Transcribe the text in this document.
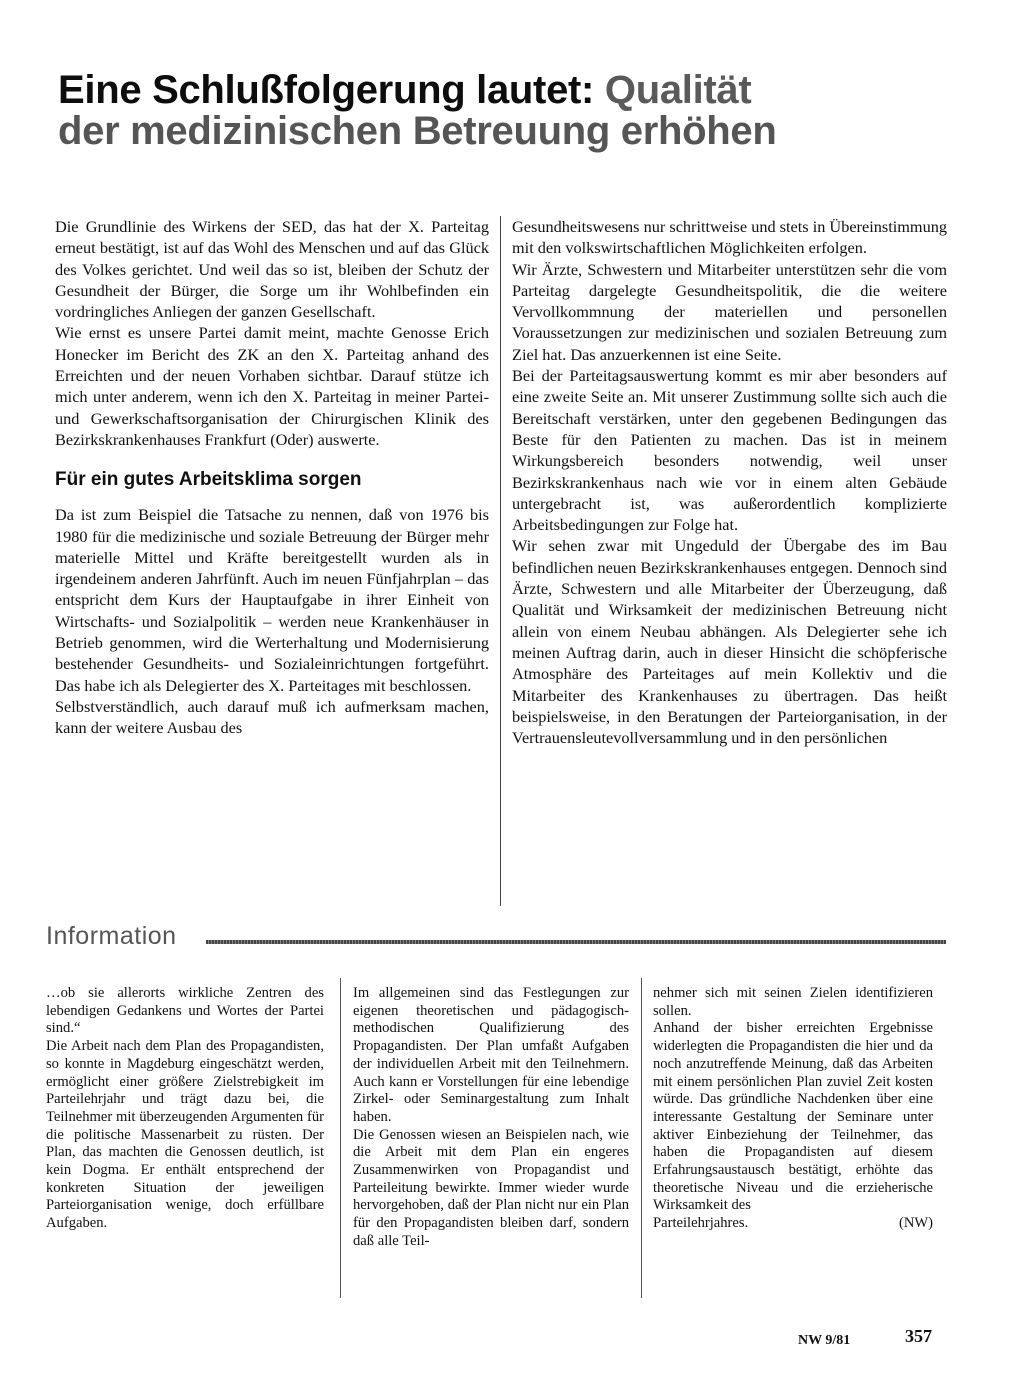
Eine Schlußfolgerung lautet: Qualität
der medizinischen Betreuung erhöhen

Die Grundlinie des Wirkens der SED, das hat der X. Parteitag erneut bestätigt, ist auf das Wohl des Menschen und auf das Glück des Volkes gerichtet. Und weil das so ist, bleiben der Schutz der Gesundheit der Bürger, die Sorge um ihr Wohlbefinden ein vordringliches Anliegen der ganzen Gesellschaft.

Wie ernst es unsere Partei damit meint, machte Genosse Erich Honecker im Bericht des ZK an den X. Parteitag anhand des Erreichten und der neuen Vorhaben sichtbar. Darauf stütze ich mich unter anderem, wenn ich den X. Parteitag in meiner Partei- und Gewerkschaftsorganisation der Chirurgischen Klinik des Bezirkskrankenhauses Frankfurt (Oder) auswerte.

Für ein gutes Arbeitsklima sorgen

Da ist zum Beispiel die Tatsache zu nennen, daß von 1976 bis 1980 für die medizinische und soziale Betreuung der Bürger mehr materielle Mittel und Kräfte bereitgestellt wurden als in irgendeinem anderen Jahrfünft. Auch im neuen Fünfjahrplan – das entspricht dem Kurs der Hauptaufgabe in ihrer Einheit von Wirtschafts- und Sozialpolitik – werden neue Krankenhäuser in Betrieb genommen, wird die Werterhaltung und Modernisierung bestehender Gesundheits- und Sozialeinrichtungen fortgeführt. Das habe ich als Delegierter des X. Parteitages mit beschlossen.

Selbstverständlich, auch darauf muß ich aufmerksam machen, kann der weitere Ausbau des

Gesundheitswesens nur schrittweise und stets in Übereinstimmung mit den volkswirtschaftlichen Möglichkeiten erfolgen.

Wir Ärzte, Schwestern und Mitarbeiter unterstützen sehr die vom Parteitag dargelegte Gesundheitspolitik, die die weitere Vervollkommnung der materiellen und personellen Voraussetzungen zur medizinischen und sozialen Betreuung zum Ziel hat. Das anzuerkennen ist eine Seite.

Bei der Parteitagsauswertung kommt es mir aber besonders auf eine zweite Seite an. Mit unserer Zustimmung sollte sich auch die Bereitschaft verstärken, unter den gegebenen Bedingungen das Beste für den Patienten zu machen. Das ist in meinem Wirkungsbereich besonders notwendig, weil unser Bezirkskrankenhaus nach wie vor in einem alten Gebäude untergebracht ist, was außerordentlich komplizierte Arbeitsbedingungen zur Folge hat.

Wir sehen zwar mit Ungeduld der Übergabe des im Bau befindlichen neuen Bezirkskrankenhauses entgegen. Dennoch sind Ärzte, Schwestern und alle Mitarbeiter der Überzeugung, daß Qualität und Wirksamkeit der medizinischen Betreuung nicht allein von einem Neubau abhängen. Als Delegierter sehe ich meinen Auftrag darin, auch in dieser Hinsicht die schöpferische Atmosphäre des Parteitages auf mein Kollektiv und die Mitarbeiter des Krankenhauses zu übertragen. Das heißt beispielsweise, in den Beratungen der Parteiorganisation, in der Vertrauensleutevollversammlung und in den persönlichen

Information

…ob sie allerorts wirkliche Zentren des lebendigen Gedankens und Wortes der Partei sind.“

Die Arbeit nach dem Plan des Propagandisten, so konnte in Magdeburg eingeschätzt werden, ermöglicht einer größere Zielstrebigkeit im Parteilehrjahr und trägt dazu bei, die Teilnehmer mit überzeugenden Argumenten für die politische Massenarbeit zu rüsten. Der Plan, das machten die Genossen deutlich, ist kein Dogma. Er enthält entsprechend der konkreten Situation der jeweiligen Parteiorganisation wenige, doch erfüllbare Aufgaben.

Im allgemeinen sind das Festlegungen zur eigenen theoretischen und pädagogisch-methodischen Qualifizierung des Propagandisten. Der Plan umfaßt Aufgaben der individuellen Arbeit mit den Teilnehmern. Auch kann er Vorstellungen für eine lebendige Zirkel- oder Seminargestaltung zum Inhalt haben.

Die Genossen wiesen an Beispielen nach, wie die Arbeit mit dem Plan ein engeres Zusammenwirken von Propagandist und Parteileitung bewirkte. Immer wieder wurde hervorgehoben, daß der Plan nicht nur ein Plan für den Propagandisten bleiben darf, sondern daß alle Teil-

nehmer sich mit seinen Zielen identifizieren sollen.

Anhand der bisher erreichten Ergebnisse widerlegten die Propagandisten die hier und da noch anzutreffende Meinung, daß das Arbeiten mit einem persönlichen Plan zuviel Zeit kosten würde. Das gründliche Nachdenken über eine interessante Gestaltung der Seminare unter aktiver Einbeziehung der Teilnehmer, das haben die Propagandisten auf diesem Erfahrungsaustausch bestätigt, erhöhte das theoretische Niveau und die erzieherische Wirksamkeit des

Parteilehrjahres.	(NW)
NW 9/81	357
